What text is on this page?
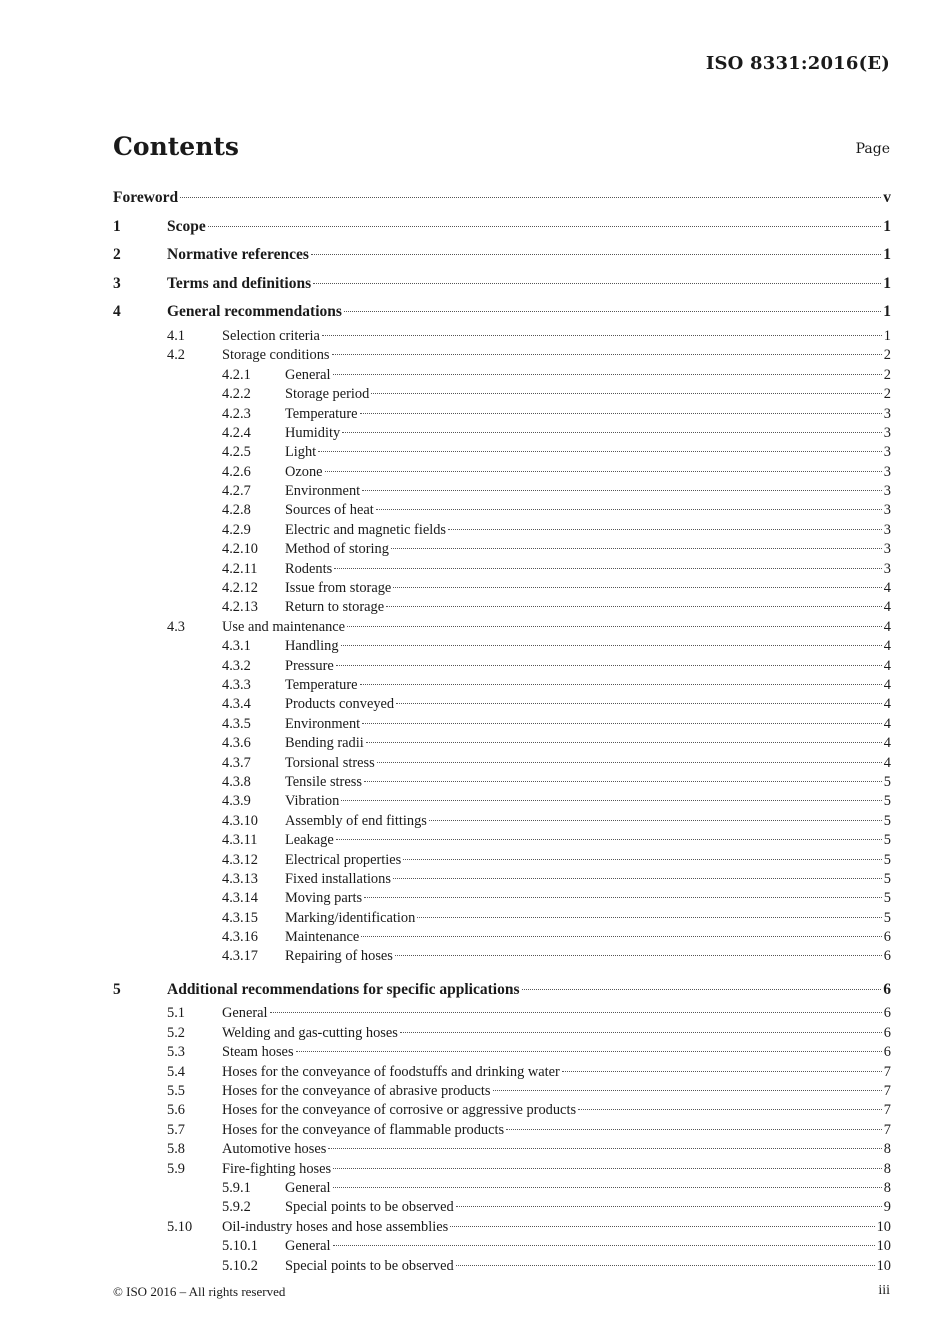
ISO 8331:2016(E)
Contents	Page
Foreword	v
1	Scope	1
2	Normative references	1
3	Terms and definitions	1
4	General recommendations	1
4.1	Selection criteria	1
4.2	Storage conditions	2
4.2.1	General	2
4.2.2	Storage period	2
4.2.3	Temperature	3
4.2.4	Humidity	3
4.2.5	Light	3
4.2.6	Ozone	3
4.2.7	Environment	3
4.2.8	Sources of heat	3
4.2.9	Electric and magnetic fields	3
4.2.10	Method of storing	3
4.2.11	Rodents	3
4.2.12	Issue from storage	4
4.2.13	Return to storage	4
4.3	Use and maintenance	4
4.3.1	Handling	4
4.3.2	Pressure	4
4.3.3	Temperature	4
4.3.4	Products conveyed	4
4.3.5	Environment	4
4.3.6	Bending radii	4
4.3.7	Torsional stress	4
4.3.8	Tensile stress	5
4.3.9	Vibration	5
4.3.10	Assembly of end fittings	5
4.3.11	Leakage	5
4.3.12	Electrical properties	5
4.3.13	Fixed installations	5
4.3.14	Moving parts	5
4.3.15	Marking/identification	5
4.3.16	Maintenance	6
4.3.17	Repairing of hoses	6
5	Additional recommendations for specific applications	6
5.1	General	6
5.2	Welding and gas-cutting hoses	6
5.3	Steam hoses	6
5.4	Hoses for the conveyance of foodstuffs and drinking water	7
5.5	Hoses for the conveyance of abrasive products	7
5.6	Hoses for the conveyance of corrosive or aggressive products	7
5.7	Hoses for the conveyance of flammable products	7
5.8	Automotive hoses	8
5.9	Fire-fighting hoses	8
5.9.1	General	8
5.9.2	Special points to be observed	9
5.10	Oil-industry hoses and hose assemblies	10
5.10.1	General	10
5.10.2	Special points to be observed	10
© ISO 2016 – All rights reserved	iii
